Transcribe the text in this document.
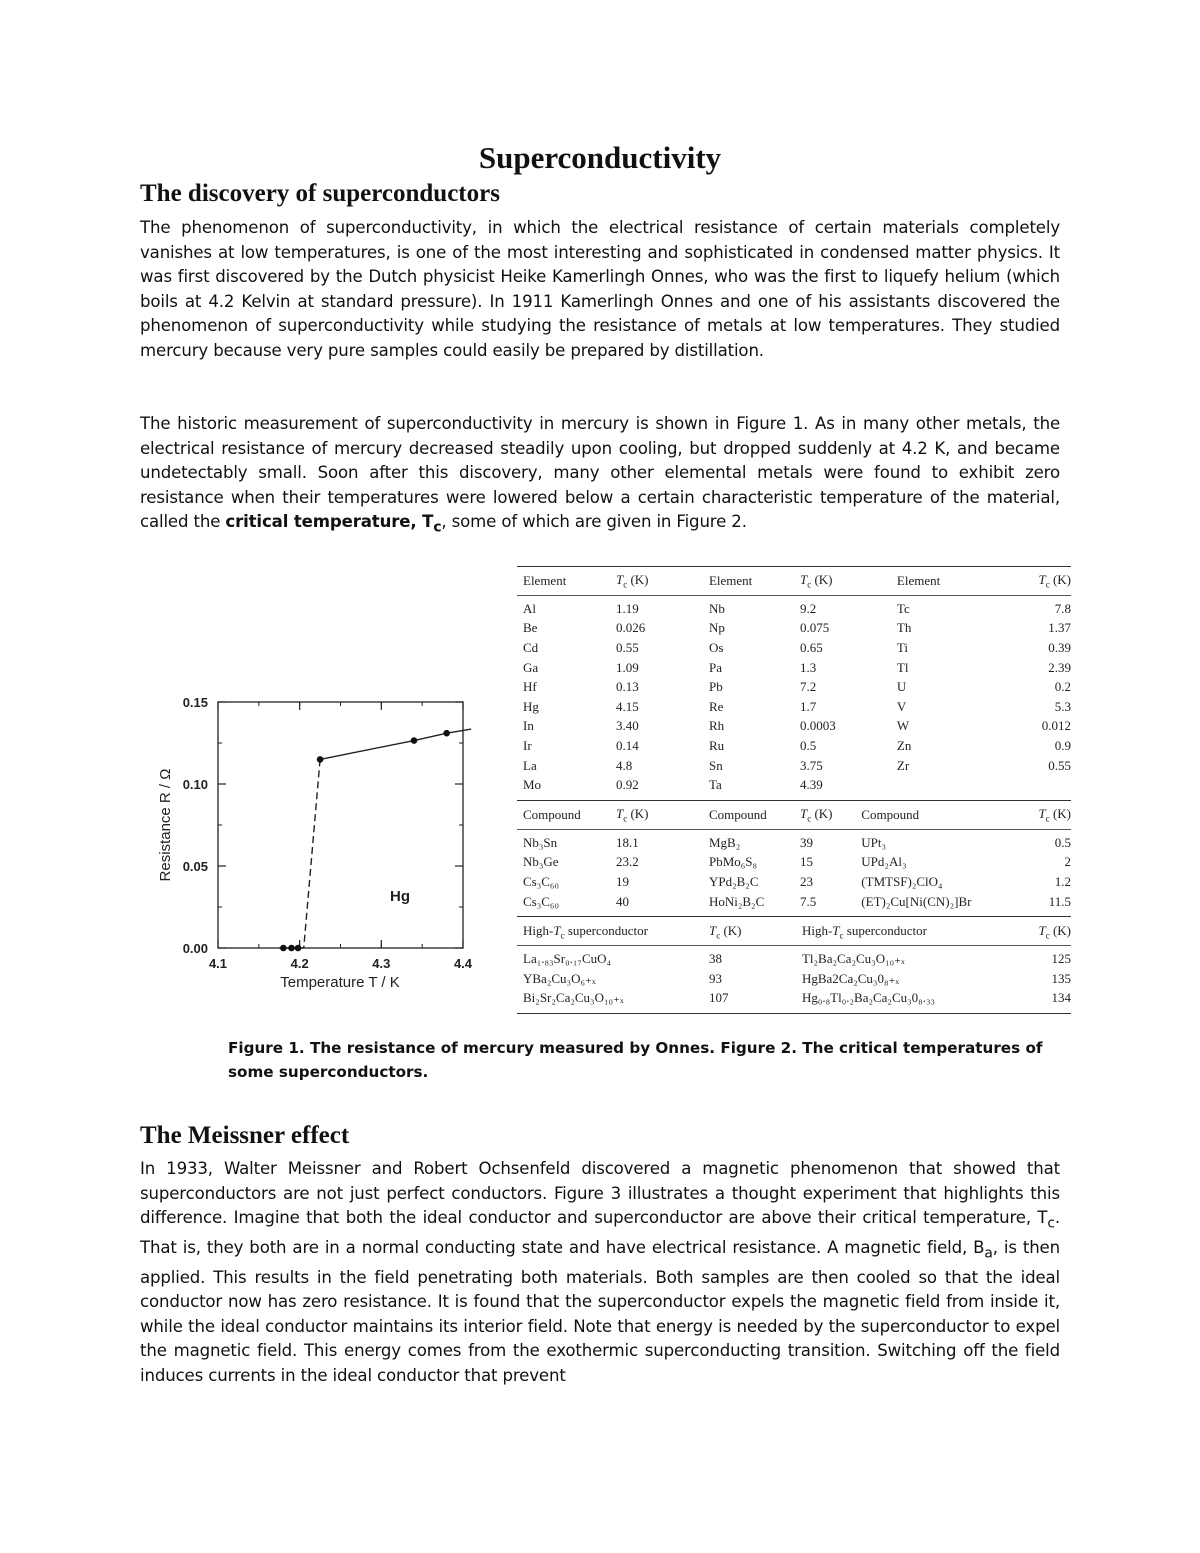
Superconductivity
The discovery of superconductors

The phenomenon of superconductivity, in which the electrical resistance of certain materials completely vanishes at low temperatures, is one of the most interesting and sophisticated in condensed matter physics. It was first discovered by the Dutch physicist Heike Kamerlingh Onnes, who was the first to liquefy helium (which boils at 4.2 Kelvin at standard pressure). In 1911 Kamerlingh Onnes and one of his assistants discovered the phenomenon of superconductivity while studying the resistance of metals at low temperatures. They studied mercury because very pure samples could easily be prepared by distillation.

The historic measurement of superconductivity in mercury is shown in Figure 1. As in many other metals, the electrical resistance of mercury decreased steadily upon cooling, but dropped suddenly at 4.2 K, and became undetectably small. Soon after this discovery, many other elemental metals were found to exhibit zero resistance when their temperatures were lowered below a certain characteristic temperature of the material, called the critical temperature, $T_c$, some of which are given in Figure 2.

4.1	4.2	4.3	4.4
0.00
0.05
0.10
0.15
Hg
Temperature T / K
Resistance R / Ω
Element	$T_c$ (K)	Element	$T_c$ (K)	Element	$T_c$ (K)
Al	1.19	Nb	9.2	Tc	7.8
Be	0.026	Np	0.075	Th	1.37
Cd	0.55	Os	0.65	Ti	0.39
Ga	1.09	Pa	1.3	Tl	2.39
Hf	0.13	Pb	7.2	U	0.2
Hg	4.15	Re	1.7	V	5.3
In	3.40	Rh	0.0003	W	0.012
Ir	0.14	Ru	0.5	Zn	0.9
La	4.8	Sn	3.75	Zr	0.55
Mo	0.92	Ta	4.39
Compound	$T_c$ (K)	Compound	$T_c$ (K)	Compound	$T_c$ (K)
Nb₃Sn	18.1	MgB₂	39	UPt₃	0.5
Nb₃Ge	23.2	PbMo₆S₈	15	UPd₂Al₃	2
Cs₃C₆₀	19	YPd₂B₂C	23	(TMTSF)₂ClO₄	1.2
Cs₃C₆₀	40	HoNi₂B₂C	7.5	(ET)₂Cu[Ni(CN)₂]Br	11.5
High-$T_c$ superconductor	$T_c$ (K)	High-$T_c$ superconductor	$T_c$ (K)
La₁.₈₃Sr₀.₁₇CuO₄	38	Tl₂Ba₂Ca₂Cu₃O₁₀₊ₓ	125
YBa₂Cu₃O₆₊ₓ	93	HgBa2Ca₂Cu₃0₈₊ₓ	135
Bi₂Sr₂Ca₂Cu₃O₁₀₊ₓ	107	Hg₀.₈Tl₀.₂Ba₂Ca₂Cu₃0₈.₃₃	134

Figure 1. The resistance of mercury measured by Onnes. Figure 2. The critical temperatures of some superconductors.

The Meissner effect

In 1933, Walter Meissner and Robert Ochsenfeld discovered a magnetic phenomenon that showed that superconductors are not just perfect conductors. Figure 3 illustrates a thought experiment that highlights this difference. Imagine that both the ideal conductor and superconductor are above their critical temperature, $T_c$. That is, they both are in a normal conducting state and have electrical resistance. A magnetic field, $B_a$, is then applied. This results in the field penetrating both materials. Both samples are then cooled so that the ideal conductor now has zero resistance. It is found that the superconductor expels the magnetic field from inside it, while the ideal conductor maintains its interior field. Note that energy is needed by the superconductor to expel the magnetic field. This energy comes from the exothermic superconducting transition. Switching off the field induces currents in the ideal conductor that prevent
